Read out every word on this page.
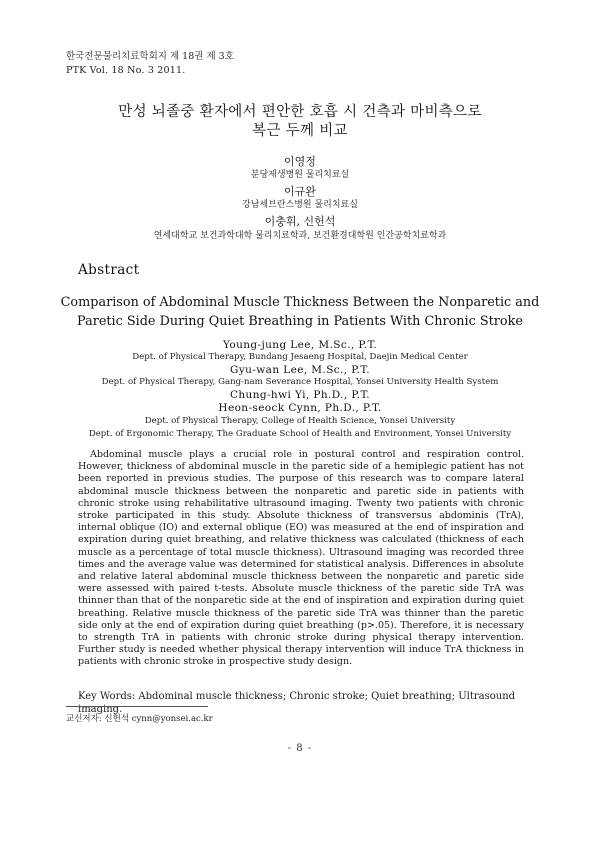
한국전문물리치료학회지 제 18권 제 3호
PTK Vol. 18 No. 3 2011.
만성 뇌졸중 환자에서 편안한 호흡 시 건측과 마비측으로
복근 두께 비교
이영정
분당제생병원 물리치료실
이규완
강남세브란스병원 물리치료실
이충휘, 신헌석
연세대학교 보건과학대학 물리치료학과, 보건환경대학원 인간공학치료학과
Abstract
Comparison of Abdominal Muscle Thickness Between the Nonparetic and
Paretic Side During Quiet Breathing in Patients With Chronic Stroke
Young-jung Lee, M.Sc., P.T.
Dept. of Physical Therapy, Bundang Jesaeng Hospital, Daejin Medical Center
Gyu-wan Lee, M.Sc., P.T.
Dept. of Physical Therapy, Gang-nam Severance Hospital, Yonsei University Health System
Chung-hwi Yi, Ph.D., P.T.
Heon-seock Cynn, Ph.D., P.T.
Dept. of Physical Therapy, College of Health Science, Yonsei University
Dept. of Ergonomic Therapy, The Graduate School of Health and Environment, Yonsei University

Abdominal muscle plays a crucial role in postural control and respiration control. However, thickness of abdominal muscle in the paretic side of a hemiplegic patient has not been reported in previous studies. The purpose of this research was to compare lateral abdominal muscle thickness between the nonparetic and paretic side in patients with chronic stroke using rehabilitative ultrasound imaging. Twenty two patients with chronic stroke participated in this study. Absolute thickness of transversus abdominis (TrA), internal oblique (IO) and external oblique (EO) was measured at the end of inspiration and expiration during quiet breathing, and relative thickness was calculated (thickness of each muscle as a percentage of total muscle thickness). Ultrasound imaging was recorded three times and the average value was determined for statistical analysis. Differences in absolute and relative lateral abdominal muscle thickness between the nonparetic and paretic side were assessed with paired t-tests. Absolute muscle thickness of the paretic side TrA was thinner than that of the nonparetic side at the end of inspiration and expiration during quiet breathing. Relative muscle thickness of the paretic side TrA was thinner than the paretic side only at the end of expiration during quiet breathing (p>.05). Therefore, it is necessary to strength TrA in patients with chronic stroke during physical therapy intervention. Further study is needed whether physical therapy intervention will induce TrA thickness in patients with chronic stroke in prospective study design.

Key Words: Abdominal muscle thickness; Chronic stroke; Quiet breathing; Ultrasound imaging.

교신저자: 신헌석 cynn@yonsei.ac.kr
- 8 -
